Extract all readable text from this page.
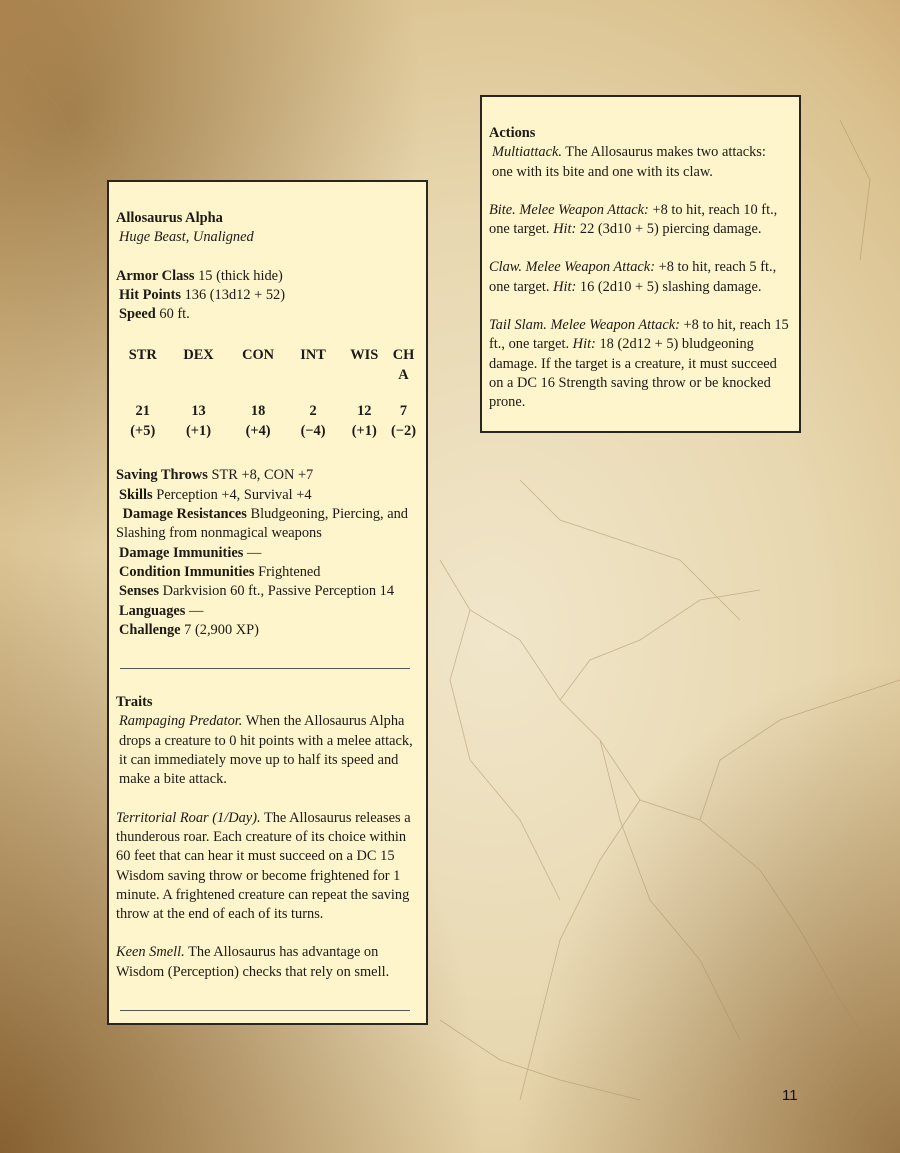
Allosaurus Alpha

Huge Beast, Unaligned

Armor Class 15 (thick hide)

Hit Points 136 (13d12 + 52)

Speed 60 ft.

STR	DEX	CON	INT	WIS	CHA
21	13	18	2	12	7
(+5)	(+1)	(+4)	(−4)	(+1)	(−2)

Saving Throws STR +8, CON +7

Skills Perception +4, Survival +4

Damage Resistances Bludgeoning, Piercing, and Slashing from nonmagical weapons

Damage Immunities —

Condition Immunities Frightened

Senses Darkvision 60 ft., Passive Perception 14

Languages —

Challenge 7 (2,900 XP)

Traits

Rampaging Predator. When the Allosaurus Alpha drops a creature to 0 hit points with a melee attack, it can immediately move up to half its speed and make a bite attack.

Territorial Roar (1/Day). The Allosaurus releases a thunderous roar. Each creature of its choice within 60 feet that can hear it must succeed on a DC 15 Wisdom saving throw or become frightened for 1 minute. A frightened creature can repeat the saving throw at the end of each of its turns.

Keen Smell. The Allosaurus has advantage on Wisdom (Perception) checks that rely on smell.

Actions

Multiattack. The Allosaurus makes two attacks: one with its bite and one with its claw.

Bite. Melee Weapon Attack: +8 to hit, reach 10 ft., one target. Hit: 22 (3d10 + 5) piercing damage.

Claw. Melee Weapon Attack: +8 to hit, reach 5 ft., one target. Hit: 16 (2d10 + 5) slashing damage.

Tail Slam. Melee Weapon Attack: +8 to hit, reach 15 ft., one target. Hit: 18 (2d12 + 5) bludgeoning damage. If the target is a creature, it must succeed on a DC 16 Strength saving throw or be knocked prone.

11
